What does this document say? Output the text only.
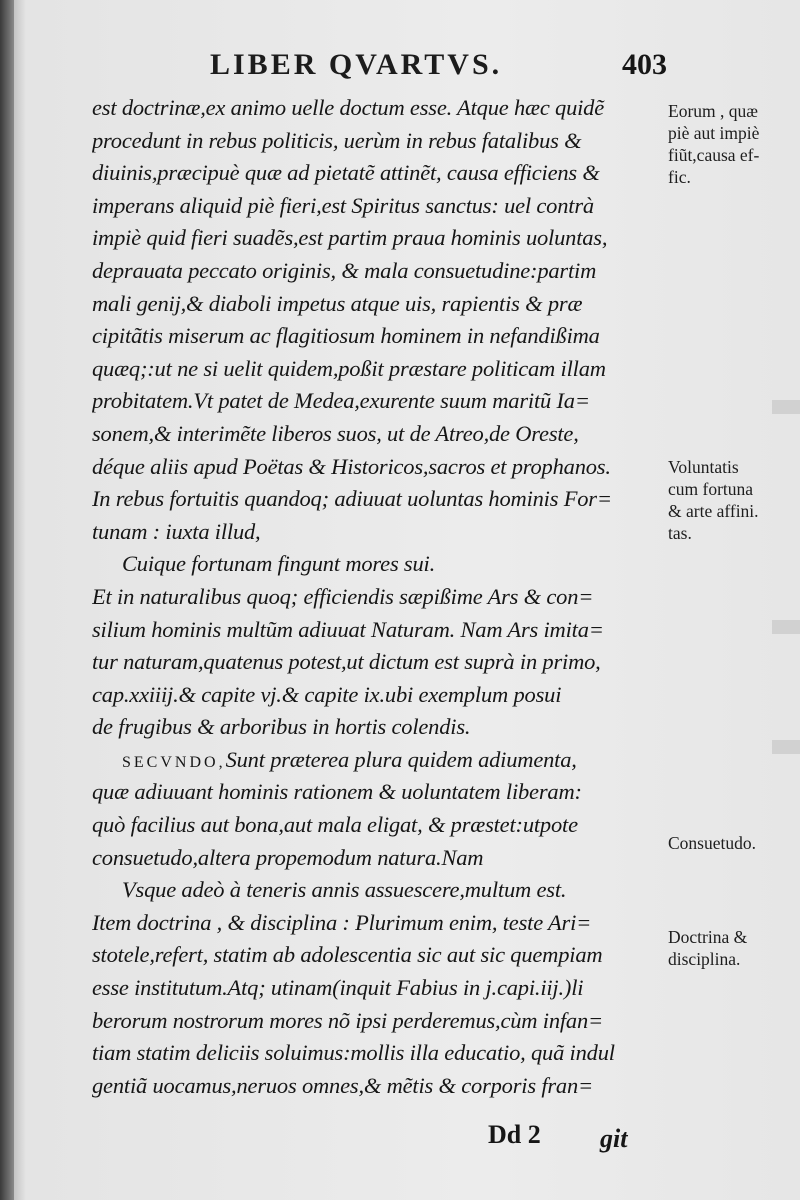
LIBER QVARTVS.	403
est doctrinæ,ex animo uelle doctum esse. Atque hæc quidẽ
procedunt in rebus politicis, uerùm in rebus fatalibus &
diuinis,præcipuè quæ ad pietatẽ attinẽt, causa efficiens &
imperans aliquid piè fieri,est Spiritus sanctus: uel contrà
impiè quid fieri suadẽs,est partim praua hominis uoluntas,
deprauata peccato originis, & mala consuetudine:partim
mali genij,& diaboli impetus atque uis, rapientis & præ
cipitãtis miserum ac flagitiosum hominem in nefandißima
quæq;:ut ne si uelit quidem,poßit præstare politicam illam
probitatem.Vt patet de Medea,exurente suum maritũ Ia=
sonem,& interimẽte liberos suos, ut de Atreo,de Oreste,
déque aliis apud Poëtas & Historicos,sacros et prophanos.
In rebus fortuitis quandoq; adiuuat uoluntas hominis For=
tunam : iuxta illud,
Cuique fortunam fingunt mores sui.
Et in naturalibus quoq; efficiendis sæpißime Ars & con=
silium hominis multũm adiuuat Naturam. Nam Ars imita=
tur naturam,quatenus potest,ut dictum est suprà in primo,
cap.xxiiij.& capite vj.& capite ix.ubi exemplum posui
de frugibus & arboribus in hortis colendis.
SECVNDO,Sunt præterea plura quidem adiumenta,
quæ adiuuant hominis rationem & uoluntatem liberam:
quò facilius aut bona,aut mala eligat, & præstet:utpote
consuetudo,altera propemodum natura.Nam
Vsque adeò à teneris annis assuescere,multum est.
Item doctrina , & disciplina : Plurimum enim, teste Ari=
stotele,refert, statim ab adolescentia sic aut sic quempiam
esse institutum.Atq; utinam(inquit Fabius in j.capi.iij.)li
berorum nostrorum mores nõ ipsi perderemus,cùm infan=
tiam statim deliciis soluimus:mollis illa educatio, quã indul
gentiã uocamus,neruos omnes,& mẽtis & corporis fran=
Dd 2 git
Eorum , quæ
piè aut impiè
fiũt,causa ef-
fic.
Voluntatis
cum fortuna
& arte affini.
tas.
Consuetudo.
Doctrina &
disciplina.
